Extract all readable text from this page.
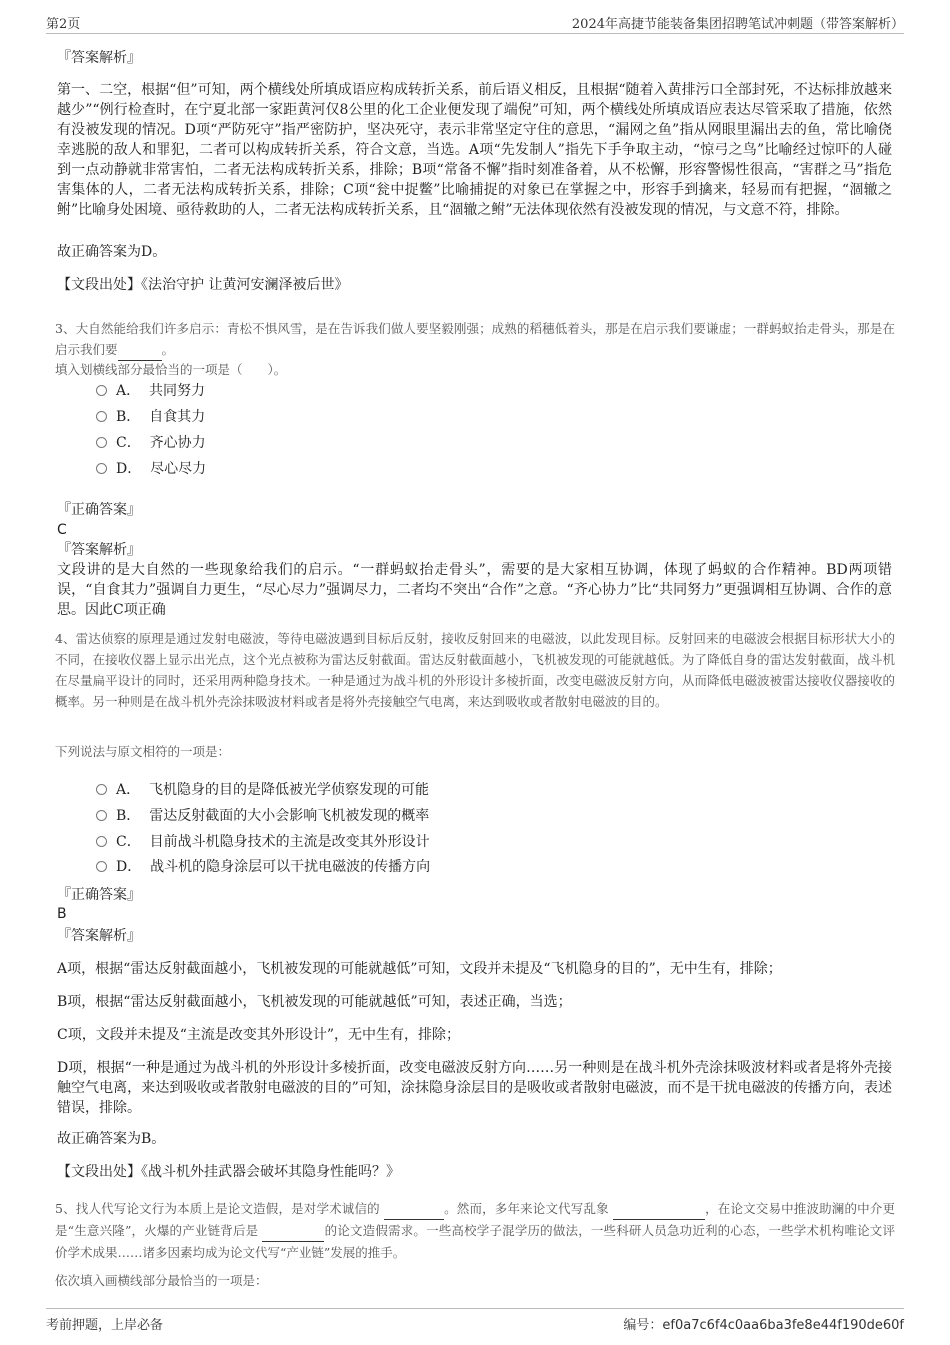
第2页	2024年高捷节能装备集团招聘笔试冲刺题（带答案解析）

『答案解析』

第一、二空，根据“但”可知，两个横线处所填成语应构成转折关系，前后语义相反，且根据“随着入黄排污口全部封死，不达标排放越来越少”“例行检查时，在宁夏北部一家距黄河仅8公里的化工企业便发现了端倪”可知，两个横线处所填成语应表达尽管采取了措施，依然有没被发现的情况。D项“严防死守”指严密防护，坚决死守，表示非常坚定守住的意思，“漏网之鱼”指从网眼里漏出去的鱼，常比喻侥幸逃脱的敌人和罪犯，二者可以构成转折关系，符合文意，当选。A项“先发制人”指先下手争取主动，“惊弓之鸟”比喻经过惊吓的人碰到一点动静就非常害怕，二者无法构成转折关系，排除；B项“常备不懈”指时刻准备着，从不松懈，形容警惕性很高，“害群之马”指危害集体的人，二者无法构成转折关系，排除；C项“瓮中捉鳖”比喻捕捉的对象已在掌握之中，形容手到擒来，轻易而有把握，“涸辙之鲋”比喻身处困境、亟待救助的人，二者无法构成转折关系，且“涸辙之鲋”无法体现依然有没被发现的情况，与文意不符，排除。

故正确答案为D。

【文段出处】《法治守护 让黄河安澜泽被后世》

3、大自然能给我们许多启示：青松不惧风雪，是在告诉我们做人要坚毅刚强；成熟的稻穗低着头，那是在启示我们要谦虚；一群蚂蚁抬走骨头，那是在启示我们要	。

填入划横线部分最恰当的一项是（　　）。

A． 共同努力
B． 自食其力
C． 齐心协力
D． 尽心尽力
『正确答案』
C
『答案解析』

文段讲的是大自然的一些现象给我们的启示。“一群蚂蚁抬走骨头”，需要的是大家相互协调，体现了蚂蚁的合作精神。BD两项错误，“自食其力”强调自力更生，“尽心尽力”强调尽力，二者均不突出“合作”之意。“齐心协力”比“共同努力”更强调相互协调、合作的意思。因此C项正确

4、雷达侦察的原理是通过发射电磁波，等待电磁波遇到目标后反射，接收反射回来的电磁波，以此发现目标。反射回来的电磁波会根据目标形状大小的不同，在接收仪器上显示出光点，这个光点被称为雷达反射截面。雷达反射截面越小，飞机被发现的可能就越低。为了降低自身的雷达发射截面，战斗机在尽量扁平设计的同时，还采用两种隐身技术。一种是通过为战斗机的外形设计多棱折面，改变电磁波反射方向，从而降低电磁波被雷达接收仪器接收的概率。另一种则是在战斗机外壳涂抹吸波材料或者是将外壳接触空气电离，来达到吸收或者散射电磁波的目的。

下列说法与原文相符的一项是：

A． 飞机隐身的目的是降低被光学侦察发现的可能
B． 雷达反射截面的大小会影响飞机被发现的概率
C． 目前战斗机隐身技术的主流是改变其外形设计
D． 战斗机的隐身涂层可以干扰电磁波的传播方向
『正确答案』
B
『答案解析』

A项，根据“雷达反射截面越小，飞机被发现的可能就越低”可知，文段并未提及“飞机隐身的目的”，无中生有，排除；

B项，根据“雷达反射截面越小，飞机被发现的可能就越低”可知，表述正确，当选；

C项，文段并未提及“主流是改变其外形设计”，无中生有，排除；

D项，根据“一种是通过为战斗机的外形设计多棱折面，改变电磁波反射方向……另一种则是在战斗机外壳涂抹吸波材料或者是将外壳接触空气电离，来达到吸收或者散射电磁波的目的”可知，涂抹隐身涂层目的是吸收或者散射电磁波，而不是干扰电磁波的传播方向，表述错误，排除。

故正确答案为B。

【文段出处】《战斗机外挂武器会破坏其隐身性能吗？》

5、找人代写论文行为本质上是论文造假，是对学术诚信的	。然而，多年来论文代写乱象	，在论文交易中推波助澜的中介更是“生意兴隆”，火爆的产业链背后是	的论文造假需求。一些高校学子混学历的做法，一些科研人员急功近利的心态，一些学术机构唯论文评价学术成果……诸多因素均成为论文代写“产业链”发展的推手。

依次填入画横线部分最恰当的一项是：

考前押题，上岸必备	编号：ef0a7c6f4c0aa6ba3fe8e44f190de60f
